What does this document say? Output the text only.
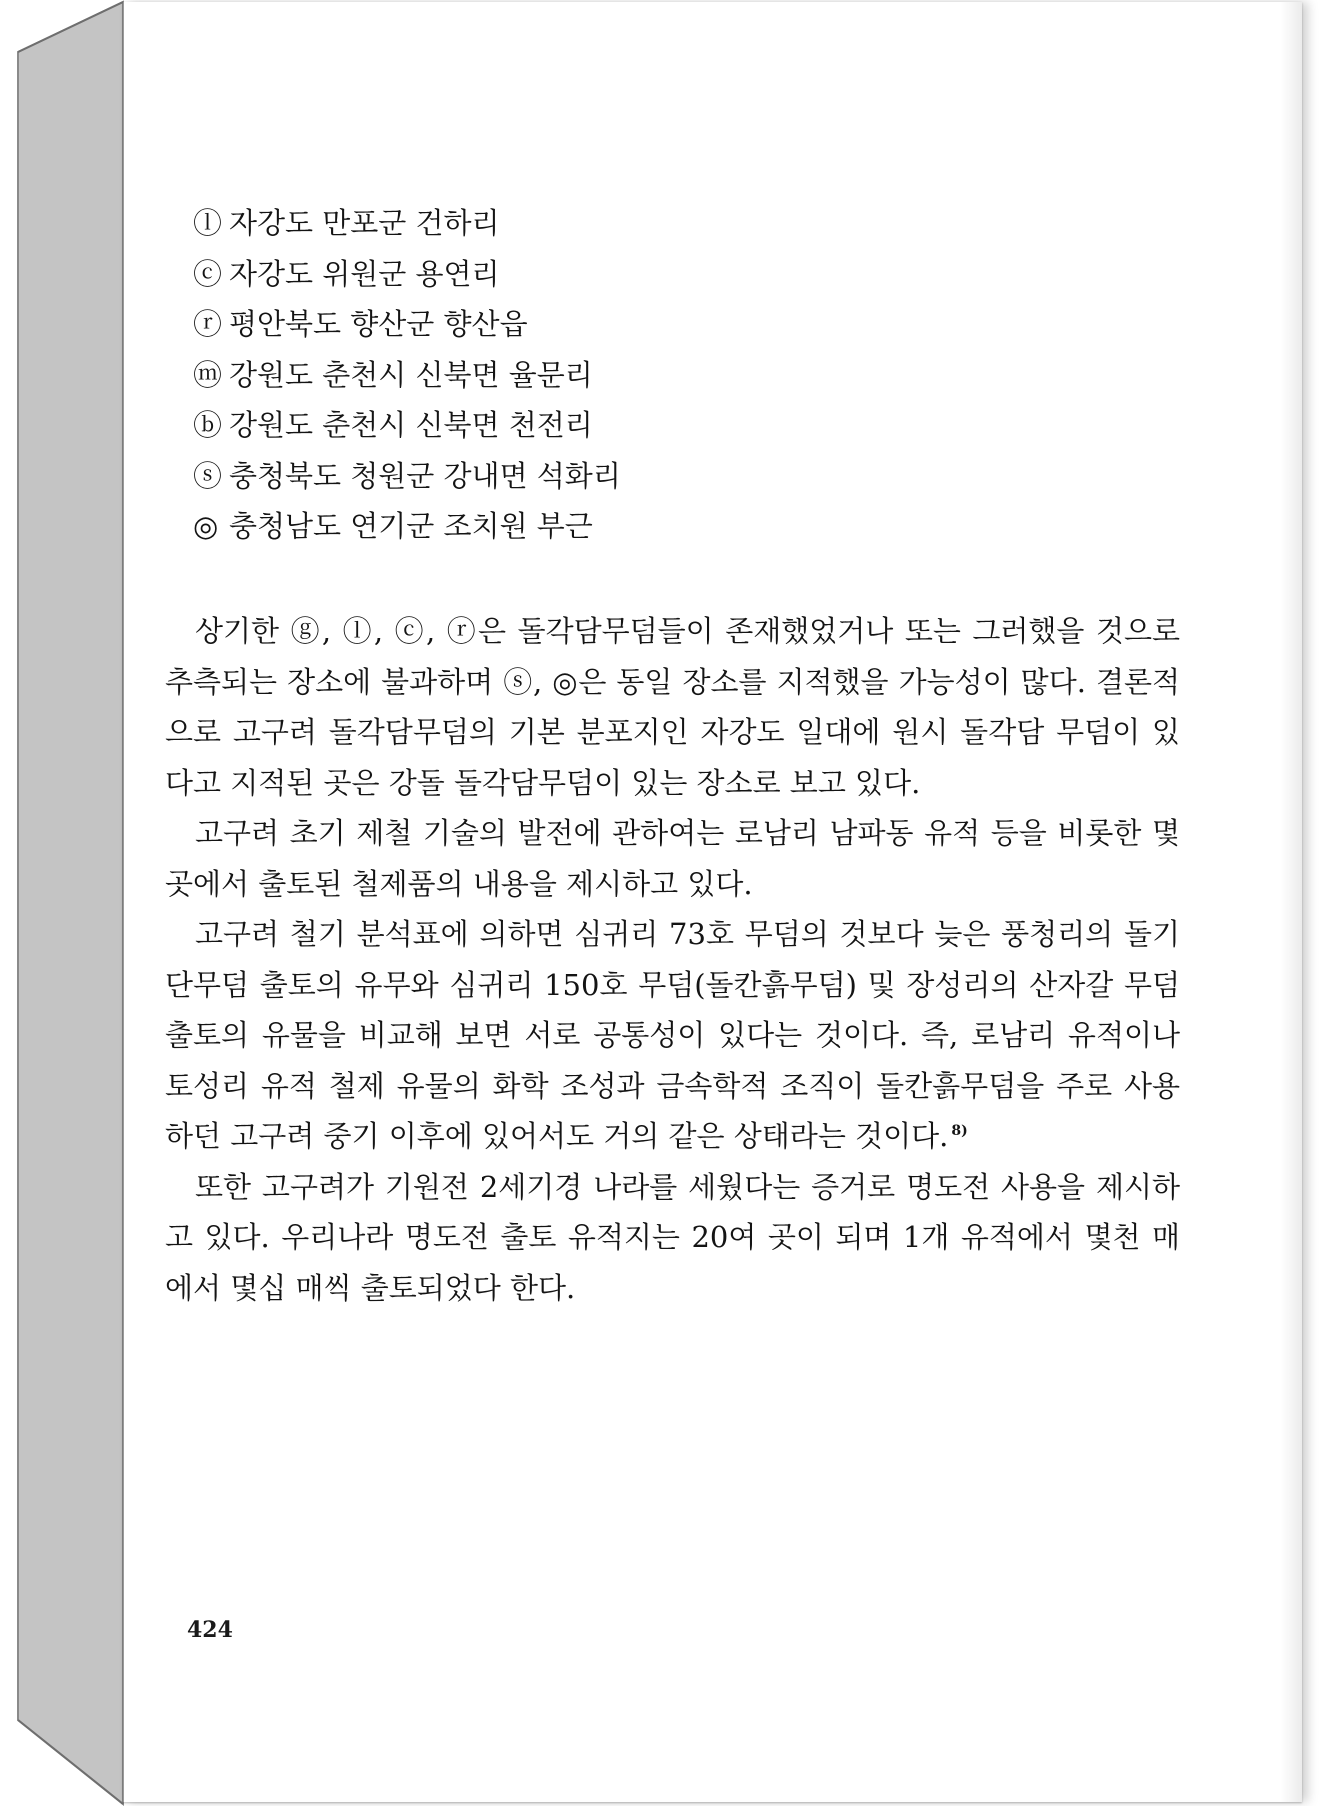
ⓛ 자강도 만포군 건하리
ⓒ 자강도 위원군 용연리
ⓡ 평안북도 향산군 향산읍
ⓜ 강원도 춘천시 신북면 율문리
ⓑ 강원도 춘천시 신북면 천전리
ⓢ 충청북도 청원군 강내면 석화리
◎ 충청남도 연기군 조치원 부근

상기한 ⓖ, ⓛ, ⓒ, ⓡ은 돌각담무덤들이 존재했었거나 또는 그러했을 것으로 추측되는 장소에 불과하며 ⓢ, ◎은 동일 장소를 지적했을 가능성이 많다. 결론적으로 고구려 돌각담무덤의 기본 분포지인 자강도 일대에 원시 돌각담 무덤이 있다고 지적된 곳은 강돌 돌각담무덤이 있는 장소로 보고 있다.

고구려 초기 제철 기술의 발전에 관하여는 로남리 남파동 유적 등을 비롯한 몇 곳에서 출토된 철제품의 내용을 제시하고 있다.

고구려 철기 분석표에 의하면 심귀리 73호 무덤의 것보다 늦은 풍청리의 돌기단무덤 출토의 유무와 심귀리 150호 무덤(돌칸흙무덤) 및 장성리의 산자갈 무덤 출토의 유물을 비교해 보면 서로 공통성이 있다는 것이다. 즉, 로남리 유적이나 토성리 유적 철제 유물의 화학 조성과 금속학적 조직이 돌칸흙무덤을 주로 사용하던 고구려 중기 이후에 있어서도 거의 같은 상태라는 것이다. $^{8)}$

또한 고구려가 기원전 2세기경 나라를 세웠다는 증거로 명도전 사용을 제시하고 있다. 우리나라 명도전 출토 유적지는 20여 곳이 되며 1개 유적에서 몇천 매에서 몇십 매씩 출토되었다 한다.

424
